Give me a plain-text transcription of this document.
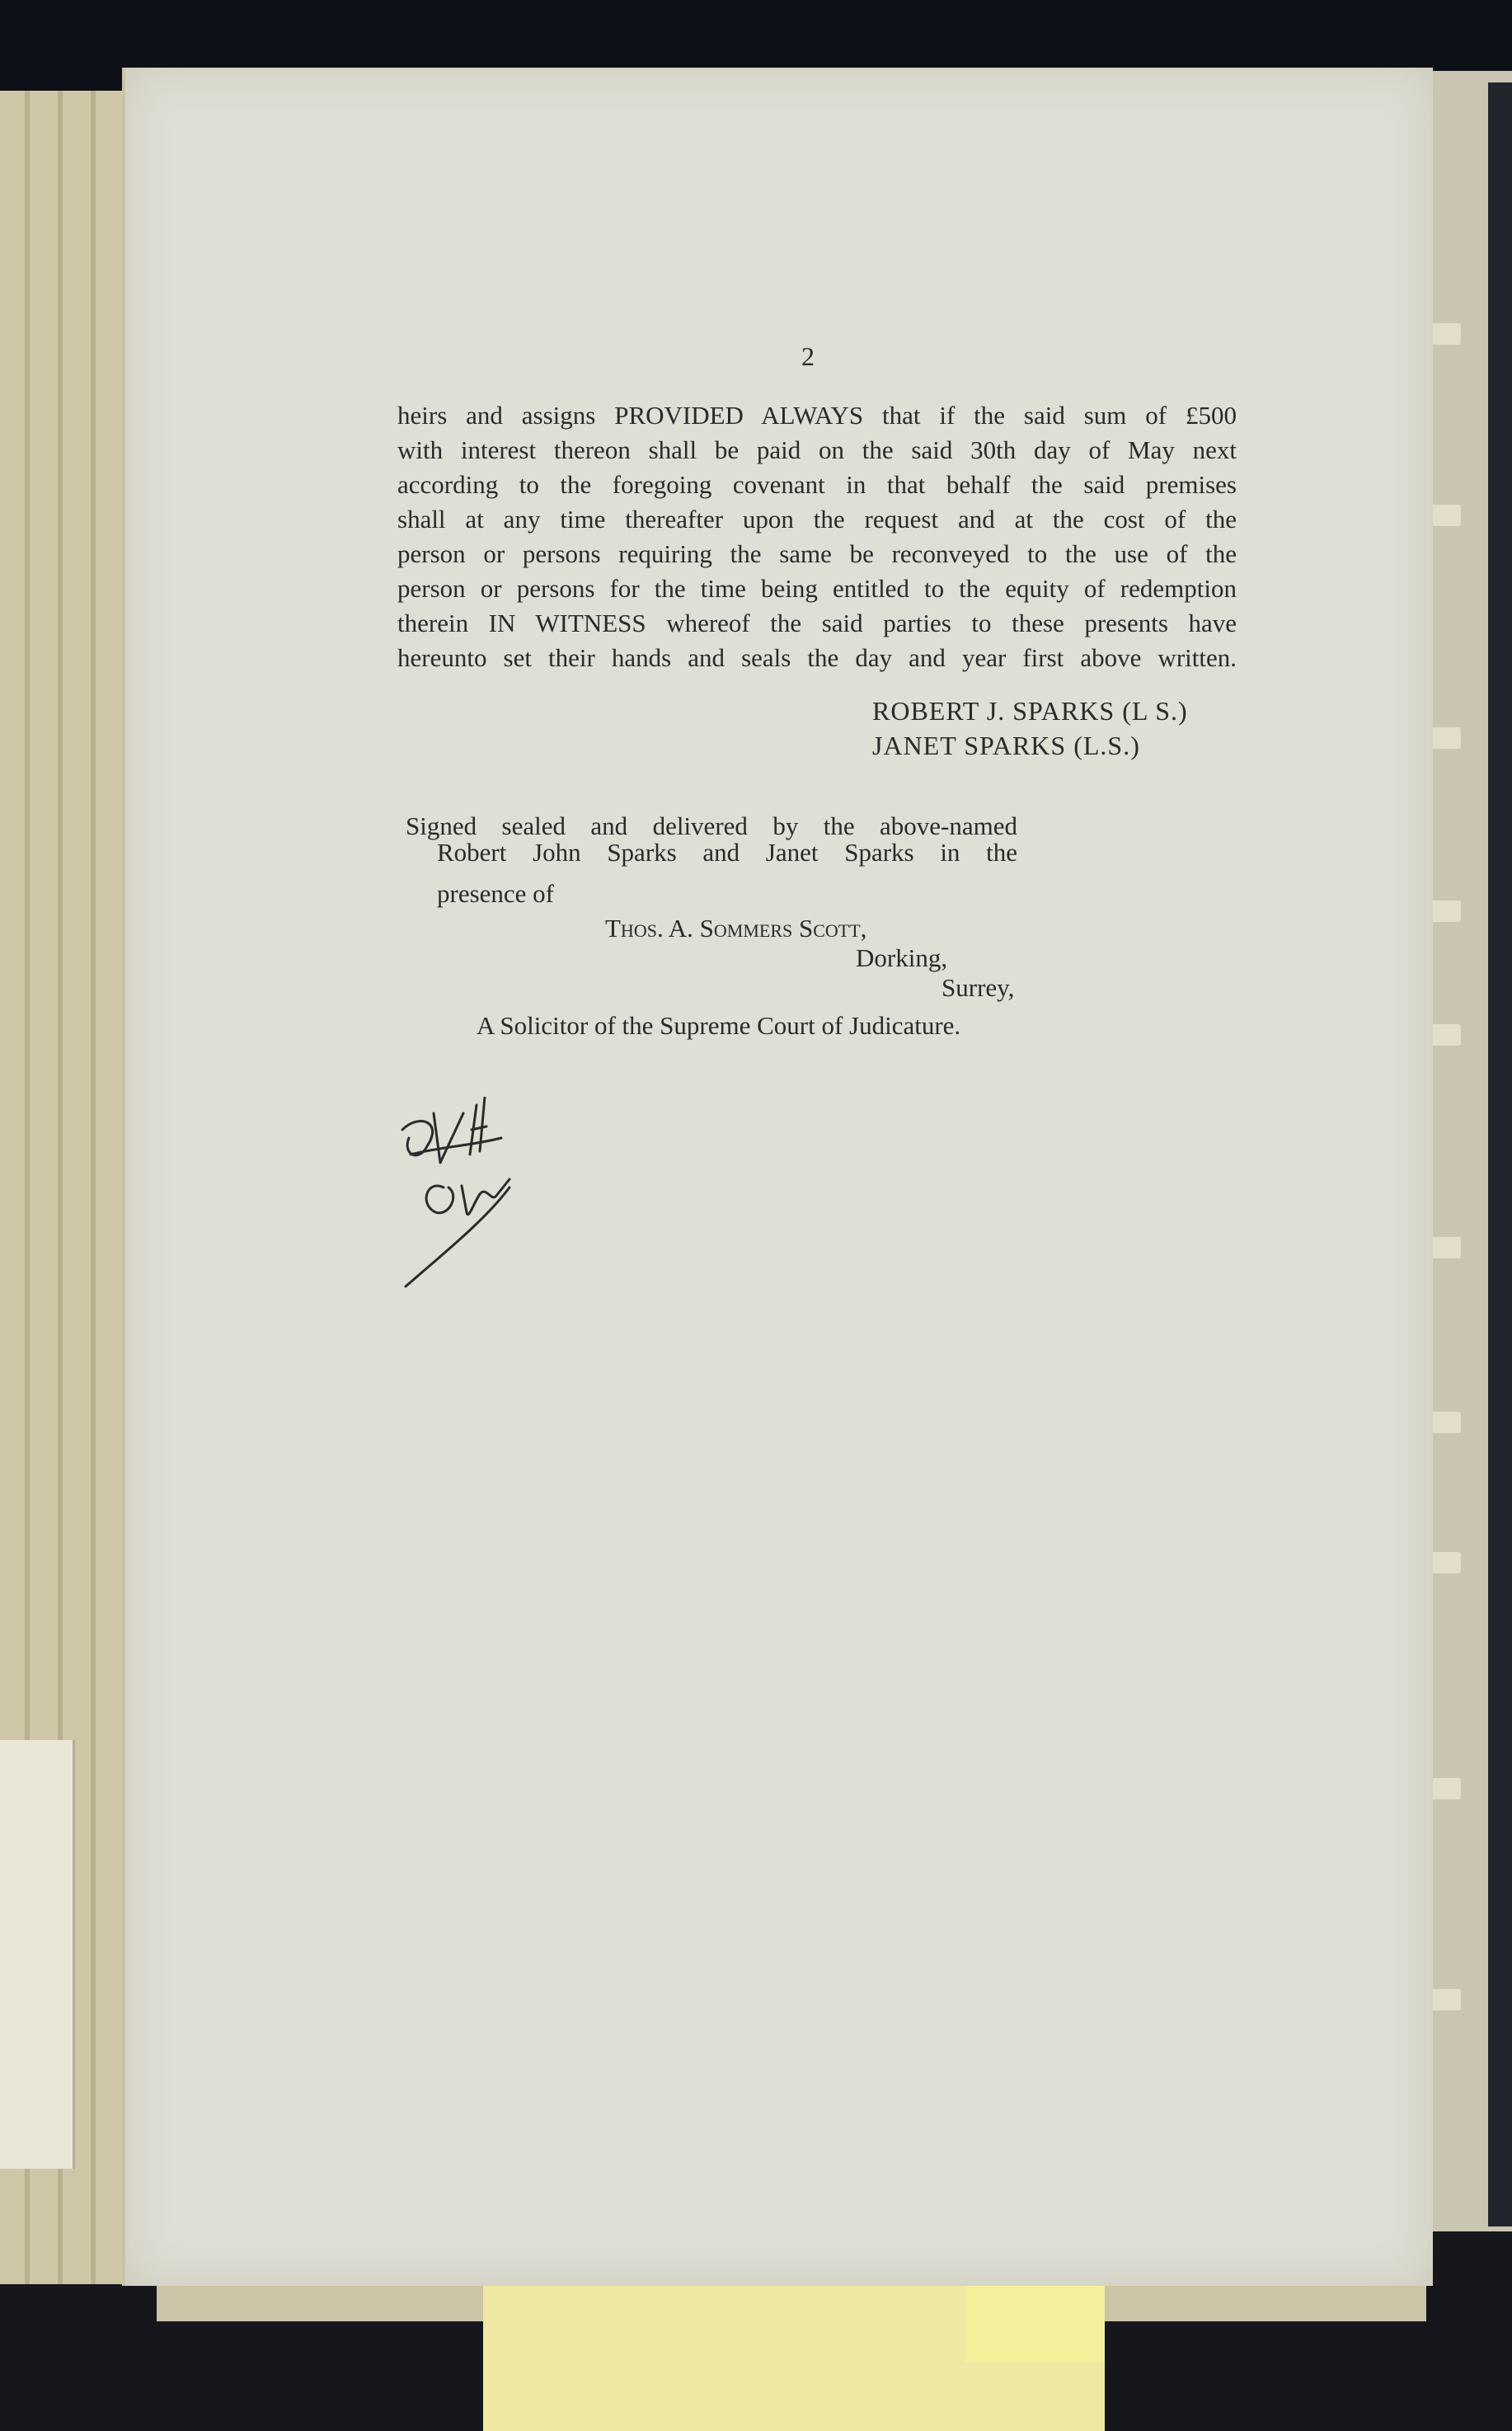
2
heirs and assigns PROVIDED ALWAYS that if the said sum of £500
with interest thereon shall be paid on the said 30th day of May next
according to the foregoing covenant in that behalf the said premises
shall at any time thereafter upon the request and at the cost of the
person or persons requiring the same be reconveyed to the use of the
person or persons for the time being entitled to the equity of redemption
therein IN WITNESS whereof the said parties to these presents have
hereunto set their hands and seals the day and year first above written.
ROBERT J. SPARKS (L S.)
JANET SPARKS (L.S.)
Signed sealed and delivered by the above-named
Robert John Sparks and Janet Sparks in the
presence of
Thos. A. Sommers Scott,
Dorking,
Surrey,
A Solicitor of the Supreme Court of Judicature.
